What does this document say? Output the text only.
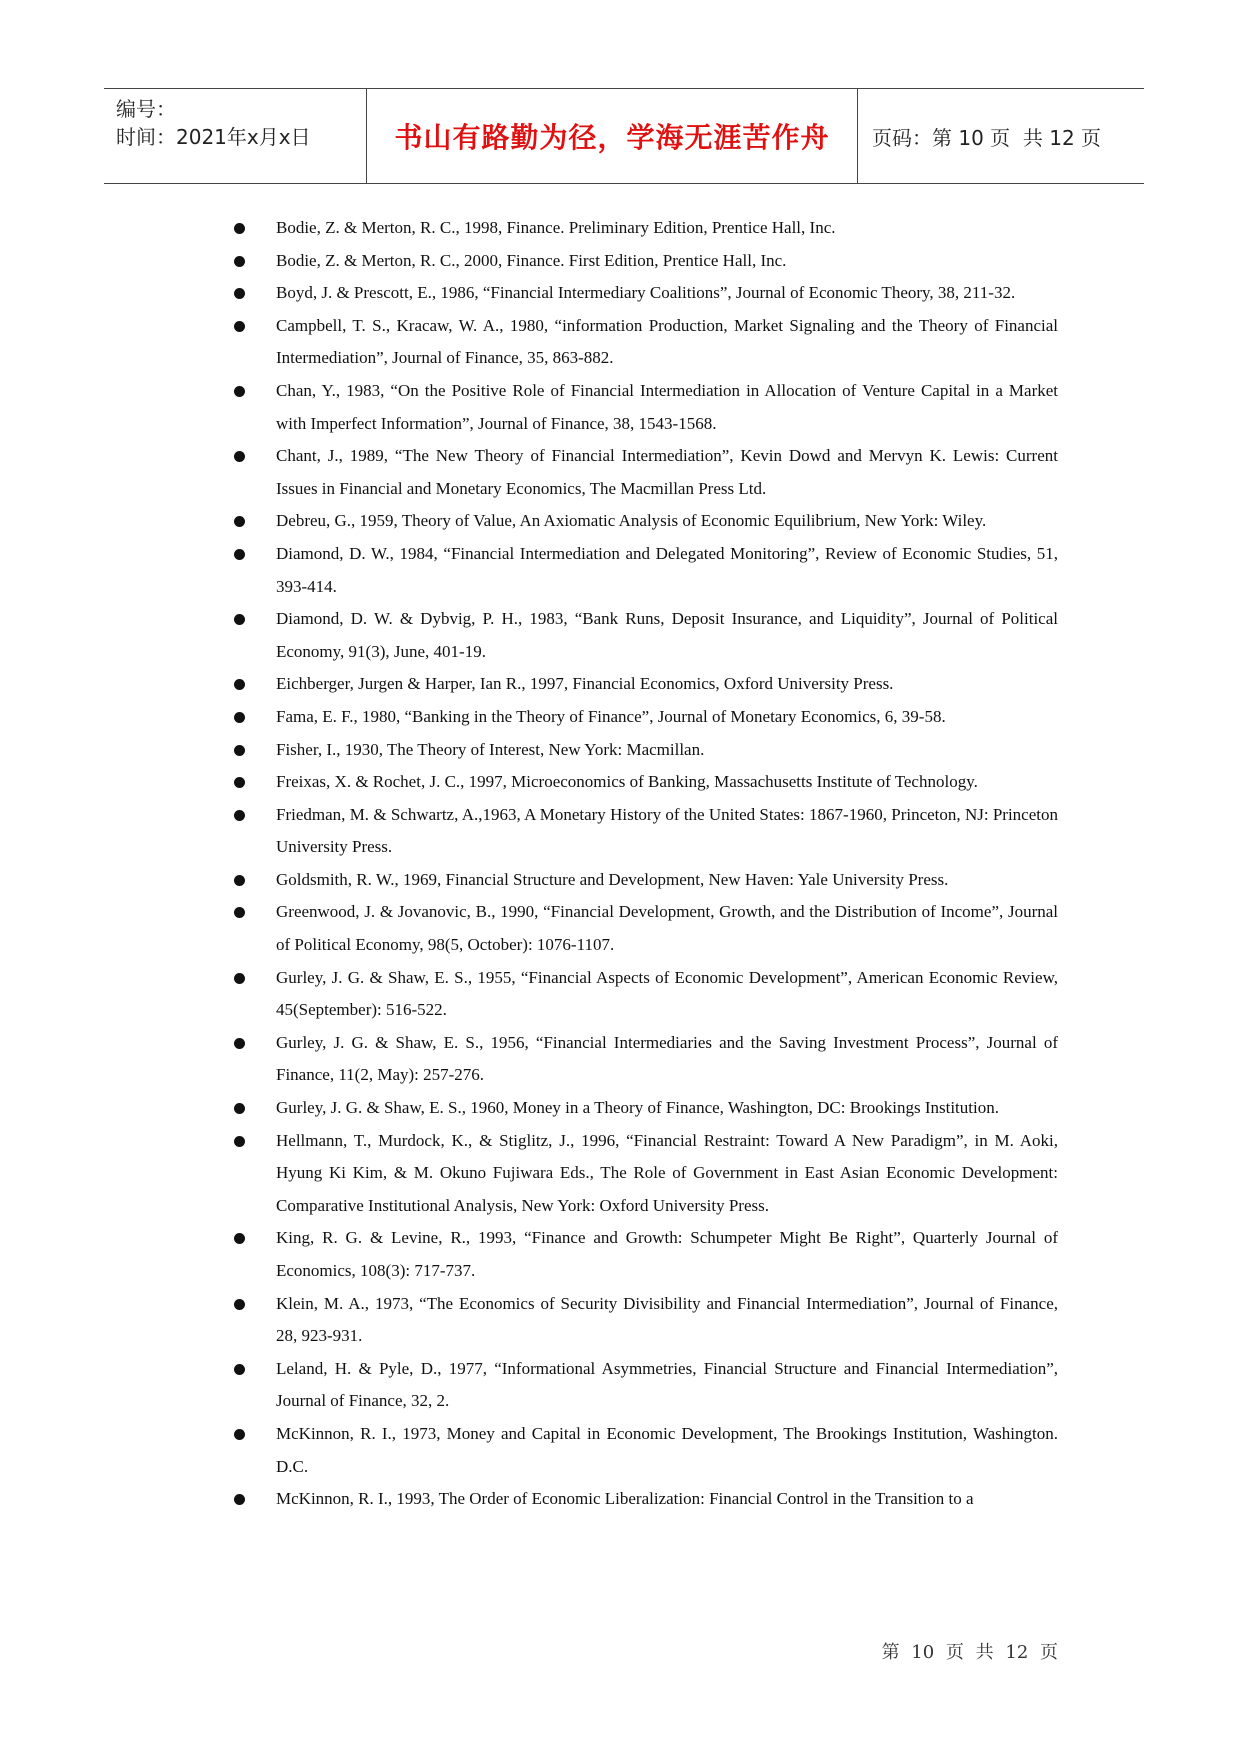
编号：
时间：2021年x月x日	书山有路勤为径，学海无涯苦作舟 页码：第 10 页  共 12 页
Bodie, Z. & Merton, R. C., 1998, Finance. Preliminary Edition, Prentice Hall, Inc.
Bodie, Z. & Merton, R. C., 2000, Finance. First Edition, Prentice Hall, Inc.
Boyd, J. & Prescott, E., 1986, “Financial Intermediary Coalitions”, Journal of Economic Theory, 38, 211-32.
Campbell, T. S., Kracaw, W. A., 1980, “information Production, Market Signaling and the Theory of Financial Intermediation”, Journal of Finance, 35, 863-882.
Chan, Y., 1983, “On the Positive Role of Financial Intermediation in Allocation of Venture Capital in a Market with Imperfect Information”, Journal of Finance, 38, 1543-1568.
Chant, J., 1989, “The New Theory of Financial Intermediation”, Kevin Dowd and Mervyn K. Lewis: Current Issues in Financial and Monetary Economics, The Macmillan Press Ltd.
Debreu, G., 1959, Theory of Value, An Axiomatic Analysis of Economic Equilibrium, New York: Wiley.
Diamond, D. W., 1984, “Financial Intermediation and Delegated Monitoring”, Review of Economic Studies, 51, 393-414.
Diamond, D. W. & Dybvig, P. H., 1983, “Bank Runs, Deposit Insurance, and Liquidity”, Journal of Political Economy, 91(3), June, 401-19.
Eichberger, Jurgen & Harper, Ian R., 1997, Financial Economics, Oxford University Press.
Fama, E. F., 1980, “Banking in the Theory of Finance”, Journal of Monetary Economics, 6, 39-58.
Fisher, I., 1930, The Theory of Interest, New York: Macmillan.
Freixas, X. & Rochet, J. C., 1997, Microeconomics of Banking, Massachusetts Institute of Technology.
Friedman, M. & Schwartz, A.,1963, A Monetary History of the United States: 1867-1960, Princeton, NJ: Princeton University Press.
Goldsmith, R. W., 1969, Financial Structure and Development, New Haven: Yale University Press.
Greenwood, J. & Jovanovic, B., 1990, “Financial Development, Growth, and the Distribution of Income”, Journal of Political Economy, 98(5, October): 1076-1107.
Gurley, J. G. & Shaw, E. S., 1955, “Financial Aspects of Economic Development”, American Economic Review, 45(September): 516-522.
Gurley, J. G. & Shaw, E. S., 1956, “Financial Intermediaries and the Saving Investment Process”, Journal of Finance, 11(2, May): 257-276.
Gurley, J. G. & Shaw, E. S., 1960, Money in a Theory of Finance, Washington, DC: Brookings Institution.
Hellmann, T., Murdock, K., & Stiglitz, J., 1996, “Financial Restraint: Toward A New Paradigm”, in M. Aoki, Hyung Ki Kim, & M. Okuno Fujiwara Eds., The Role of Government in East Asian Economic Development: Comparative Institutional Analysis, New York: Oxford University Press.
King, R. G. & Levine, R., 1993, “Finance and Growth: Schumpeter Might Be Right”, Quarterly Journal of Economics, 108(3): 717-737.
Klein, M. A., 1973, “The Economics of Security Divisibility and Financial Intermediation”, Journal of Finance, 28, 923-931.
Leland, H. & Pyle, D., 1977, “Informational Asymmetries, Financial Structure and Financial Intermediation”, Journal of Finance, 32, 2.
McKinnon, R. I., 1973, Money and Capital in Economic Development, The Brookings Institution, Washington. D.C.
McKinnon, R. I., 1993, The Order of Economic Liberalization: Financial Control in the Transition to a
第 10 页 共 12 页
